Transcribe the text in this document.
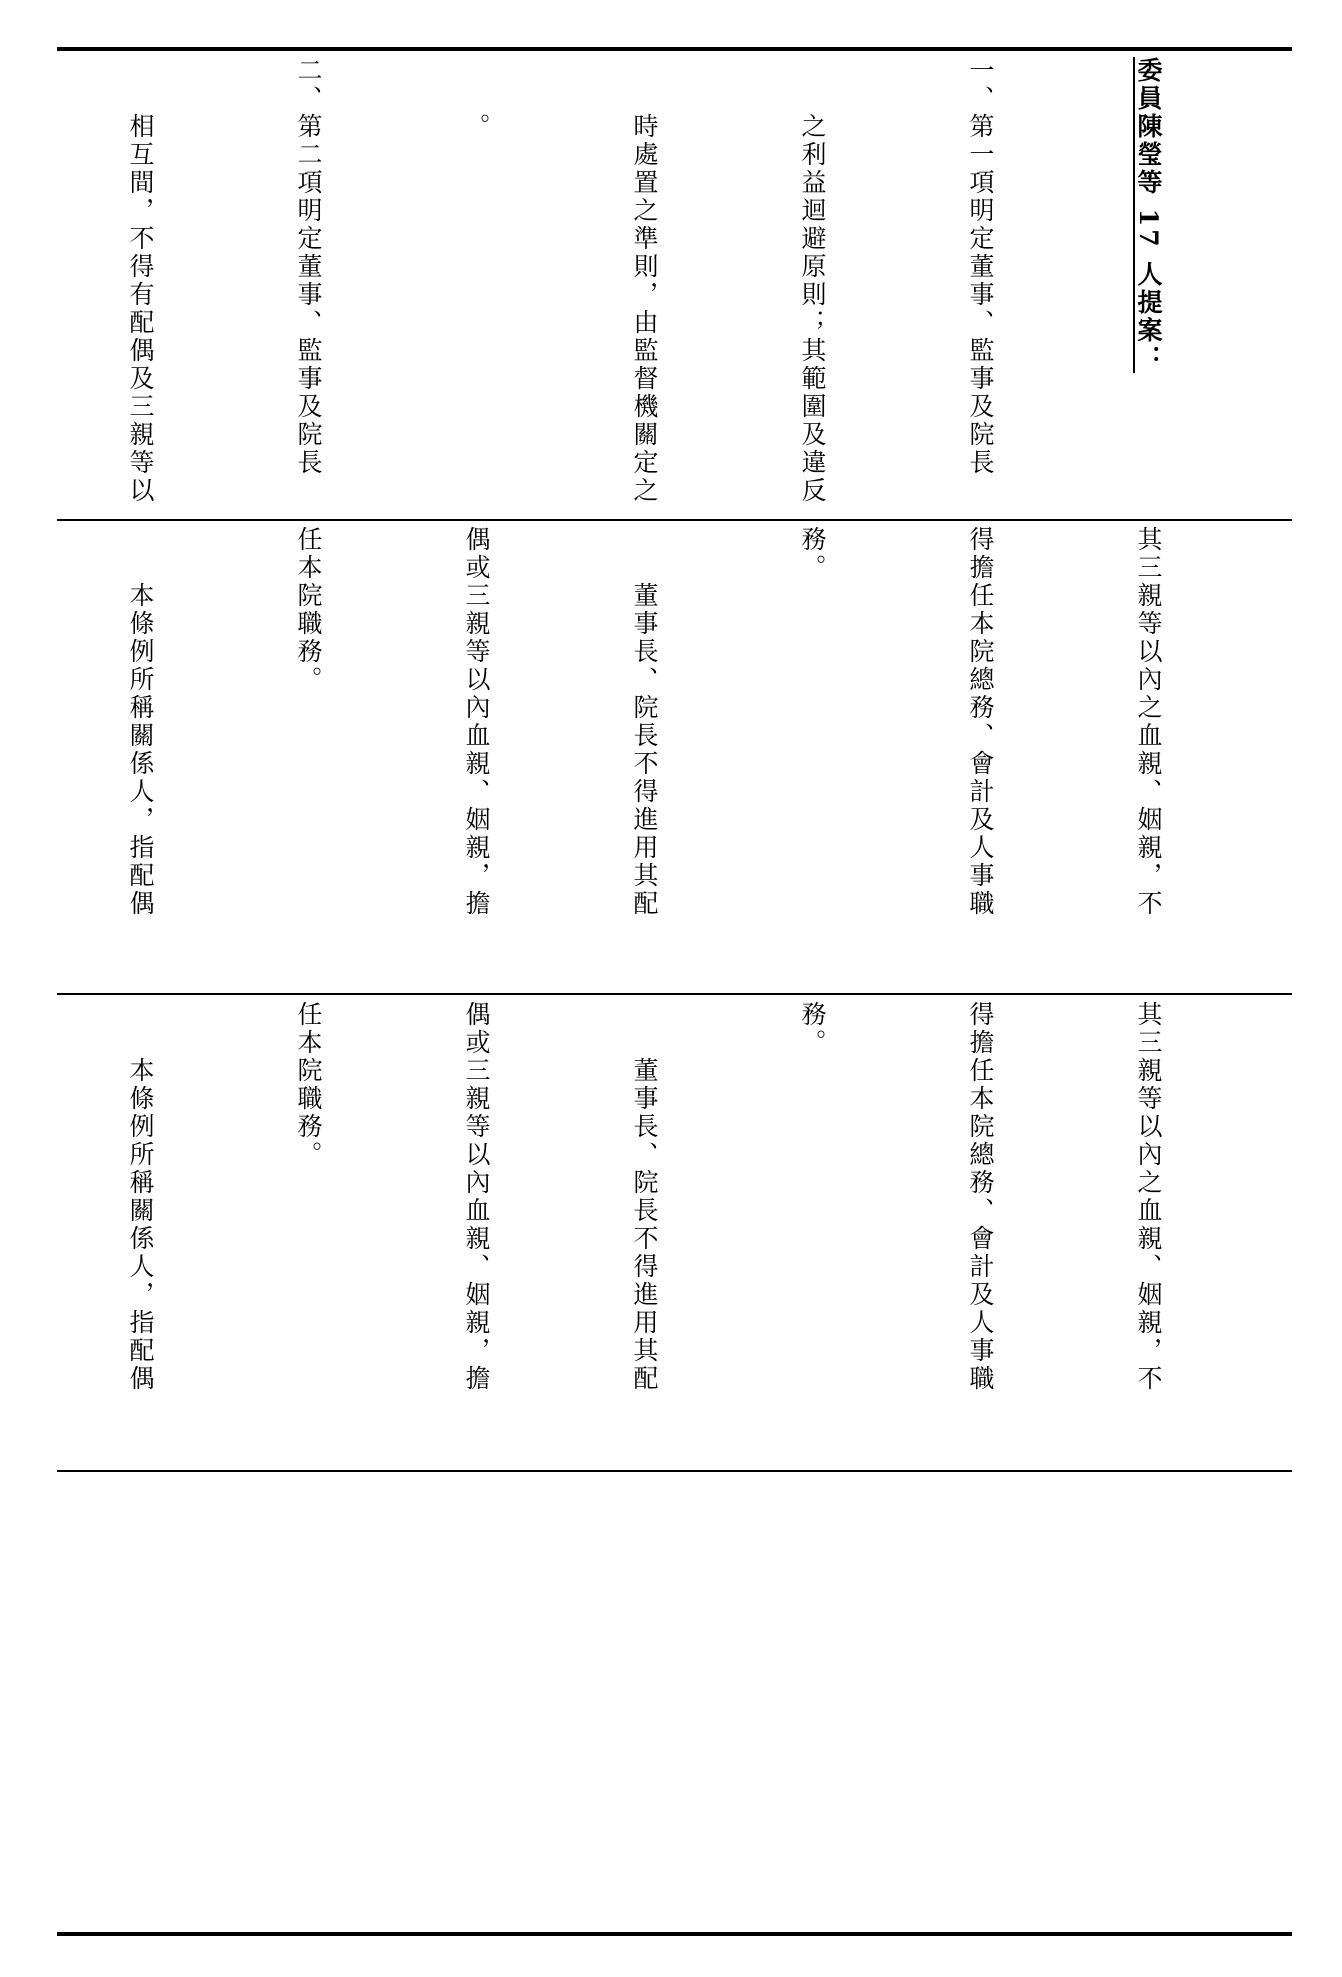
委員陳瑩等 17 人提案：

一、第一項明定董事、監事及院長

　　之利益迴避原則；其範圍及違反

　　時處置之準則，由監督機關定之

　　。

二、第二項明定董事、監事及院長

　　相互間，不得有配偶及三親等以

其三親等以內之血親、姻親，不

得擔任本院總務、會計及人事職

務。

　　董事長、院長不得進用其配

偶或三親等以內血親、姻親，擔

任本院職務。

　　本條例所稱關係人，指配偶

其三親等以內之血親、姻親，不

得擔任本院總務、會計及人事職

務。

　　董事長、院長不得進用其配

偶或三親等以內血親、姻親，擔

任本院職務。

　　本條例所稱關係人，指配偶
